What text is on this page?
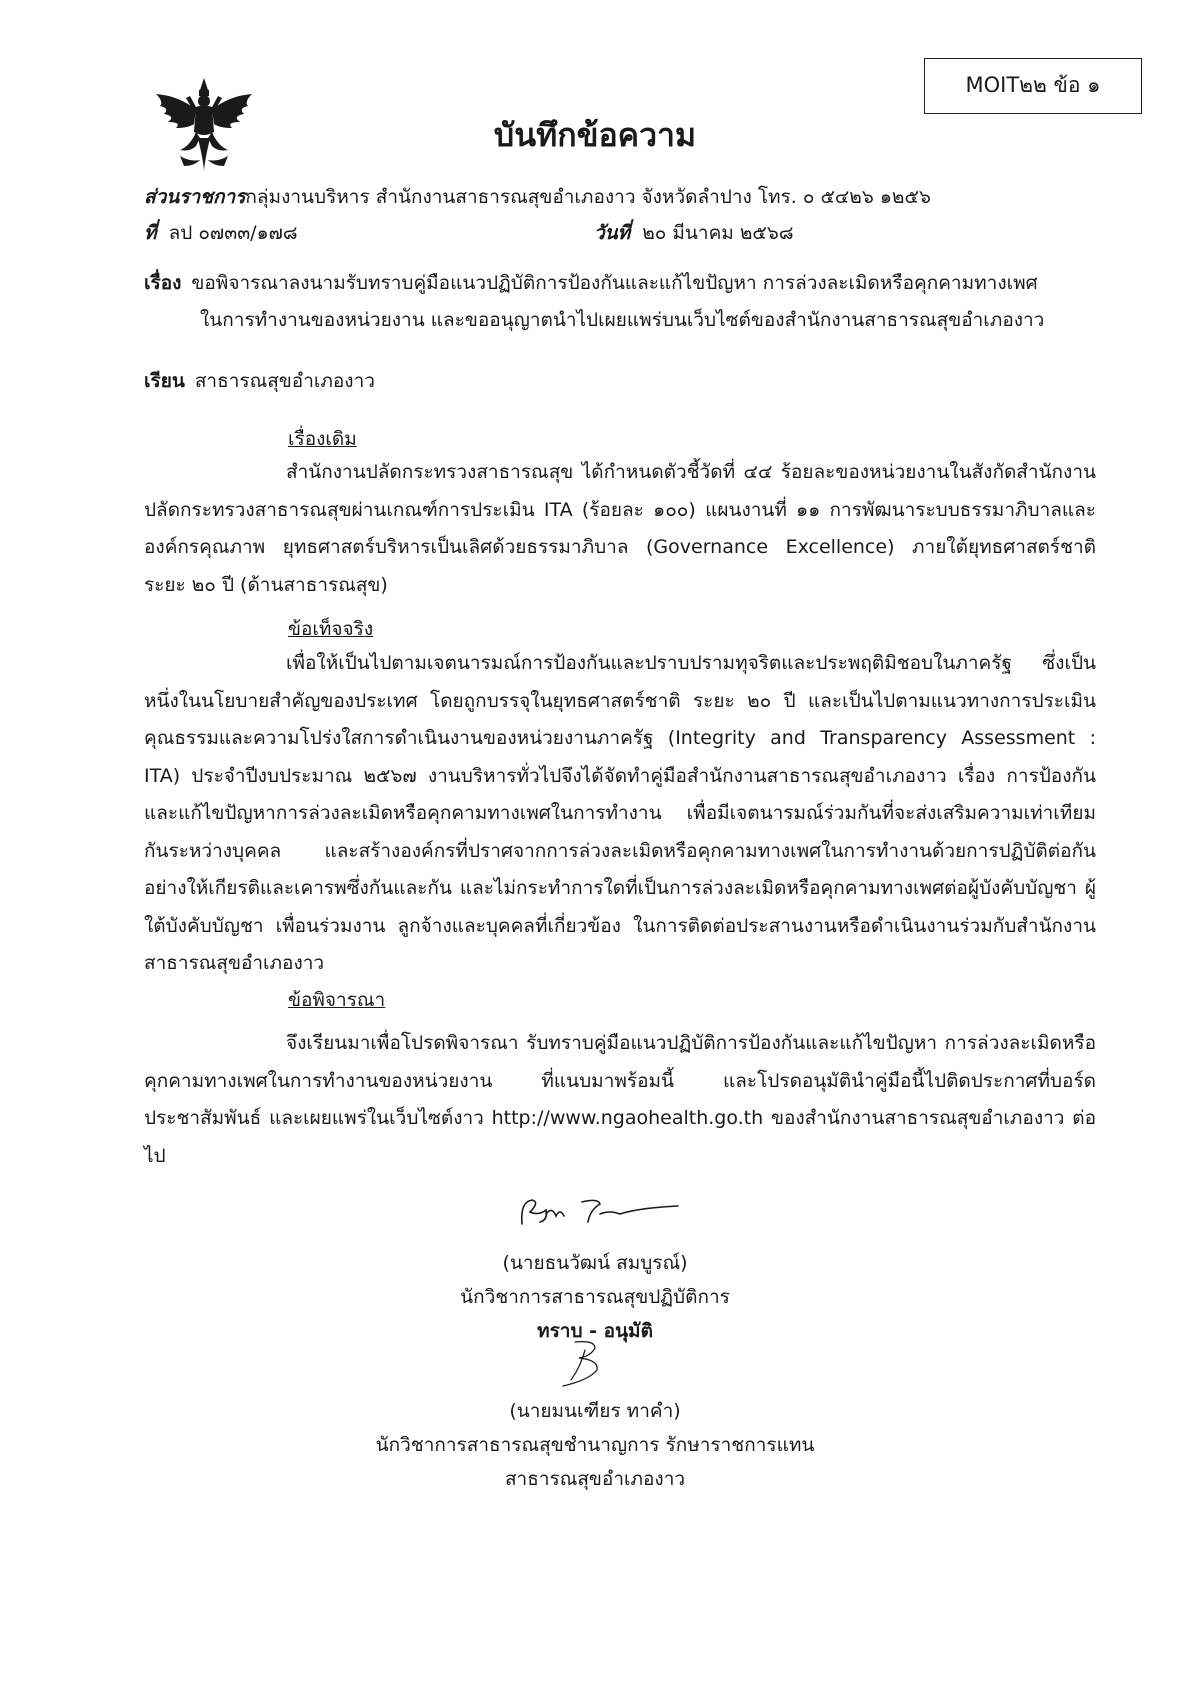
MOIT๒๒ ข้อ ๑
บันทึกข้อความ
ส่วนราชการกลุ่มงานบริหาร สำนักงานสาธารณสุขอำเภองาว จังหวัดลำปาง โทร. ๐ ๕๔๒๖ ๑๒๕๖
ที่ ลป ๐๗๓๓/๑๗๘	วันที่ ๒๐ มีนาคม ๒๕๖๘
เรื่อง ขอพิจารณาลงนามรับทราบคู่มือแนวปฏิบัติการป้องกันและแก้ไขปัญหา การล่วงละเมิดหรือคุกคามทางเพศ
ในการทำงานของหน่วยงาน และขออนุญาตนำไปเผยแพร่บนเว็บไซต์ของสำนักงานสาธารณสุขอำเภองาว
เรียน สาธารณสุขอำเภองาว
เรื่องเดิม
สำนักงานปลัดกระทรวงสาธารณสุข ได้กำหนดตัวชี้วัดที่ ๔๔ ร้อยละของหน่วยงานในสังกัดสำนักงานปลัดกระทรวงสาธารณสุขผ่านเกณฑ์การประเมิน ITA (ร้อยละ ๑๐๐) แผนงานที่ ๑๑ การพัฒนาระบบธรรมาภิบาลและองค์กรคุณภาพ ยุทธศาสตร์บริหารเป็นเลิศด้วยธรรมาภิบาล (Governance Excellence) ภายใต้ยุทธศาสตร์ชาติ ระยะ ๒๐ ปี (ด้านสาธารณสุข)
ข้อเท็จจริง
เพื่อให้เป็นไปตามเจตนารมณ์การป้องกันและปราบปรามทุจริตและประพฤติมิชอบในภาครัฐ ซึ่งเป็นหนึ่งในนโยบายสำคัญของประเทศ โดยถูกบรรจุในยุทธศาสตร์ชาติ ระยะ ๒๐ ปี และเป็นไปตามแนวทางการประเมินคุณธรรมและความโปร่งใสการดำเนินงานของหน่วยงานภาครัฐ (Integrity and Transparency Assessment : ITA) ประจำปีงบประมาณ ๒๕๖๗ งานบริหารทั่วไปจึงได้จัดทำคู่มือสำนักงานสาธารณสุขอำเภองาว เรื่อง การป้องกันและแก้ไขปัญหาการล่วงละเมิดหรือคุกคามทางเพศในการทำงาน เพื่อมีเจตนารมณ์ร่วมกันที่จะส่งเสริมความเท่าเทียมกันระหว่างบุคคล และสร้างองค์กรที่ปราศจากการล่วงละเมิดหรือคุกคามทางเพศในการทำงานด้วยการปฏิบัติต่อกันอย่างให้เกียรติและเคารพซึ่งกันและกัน และไม่กระทำการใดที่เป็นการล่วงละเมิดหรือคุกคามทางเพศต่อผู้บังคับบัญชา ผู้ใต้บังคับบัญชา เพื่อนร่วมงาน ลูกจ้างและบุคคลที่เกี่ยวข้อง ในการติดต่อประสานงานหรือดำเนินงานร่วมกับสำนักงานสาธารณสุขอำเภองาว
ข้อพิจารณา
จึงเรียนมาเพื่อโปรดพิจารณา รับทราบคู่มือแนวปฏิบัติการป้องกันและแก้ไขปัญหา การล่วงละเมิดหรือคุกคามทางเพศในการทำงานของหน่วยงาน ที่แนบมาพร้อมนี้ และโปรดอนุมัตินำคู่มือนี้ไปติดประกาศที่บอร์ดประชาสัมพันธ์ และเผยแพร่ในเว็บไซต์งาว http://www.ngaohealth.go.th ของสำนักงานสาธารณสุขอำเภองาว ต่อไป
(นายธนวัฒน์ สมบูรณ์)
นักวิชาการสาธารณสุขปฏิบัติการ
ทราบ - อนุมัติ
(นายมนเฑียร ทาคำ)
นักวิชาการสาธารณสุขชำนาญการ รักษาราชการแทน
สาธารณสุขอำเภองาว
